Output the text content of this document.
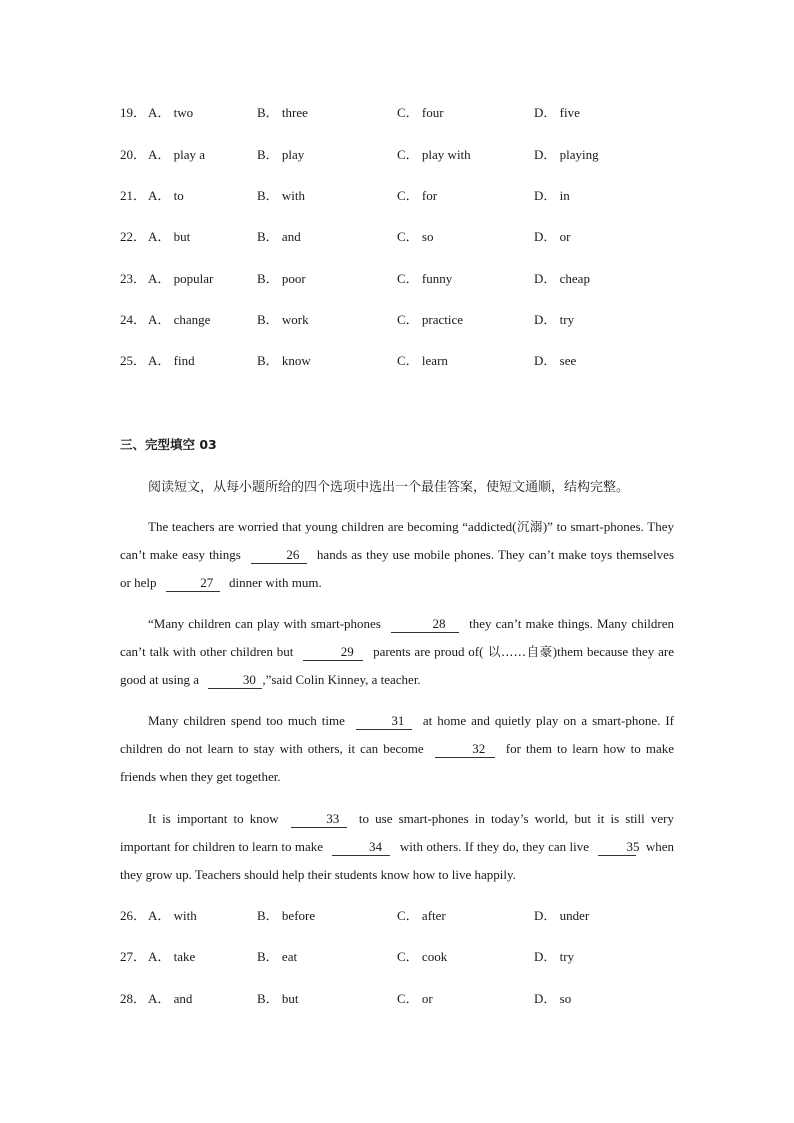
19． A． two	B． three	C． four	D． five
20． A． play a	B． play	C． play with	D． playing
21． A． to	B． with	C． for	D． in
22． A． but	B． and	C． so	D． or
23． A． popular	B． poor	C． funny	D． cheap
24． A． change	B． work	C． practice	D． try
25． A． find	B． know	C． learn	D． see
三、完型填空 03
阅读短文，从每小题所给的四个选项中选出一个最佳答案，使短文通顺，结构完整。
The teachers are worried that young children are becoming “addicted(沉溺)” to smart-phones. They can’t make easy things	26 hands as they use mobile phones. They can’t make toys themselves or help	27 dinner with mum.
“Many children can play with smart-phones	28 they can’t make things. Many children can’t talk with other children but	29 parents are proud of( 以……自豪)them because they are good at using a	30 ,”said Colin Kinney, a teacher.
Many children spend too much time	31 at home and quietly play on a smart-phone. If children do not learn to stay with others, it can become	32 for them to learn how to make friends when they get together.
It is important to know	33 to use smart-phones in today’s world, but it is still very important for children to learn to make	34 with others. If they do, they can live	35 when they grow up. Teachers should help their students know how to live happily.
26． A． with	B． before	C． after	D． under
27． A． take	B． eat	C． cook	D． try
28． A． and	B． but	C． or	D． so
